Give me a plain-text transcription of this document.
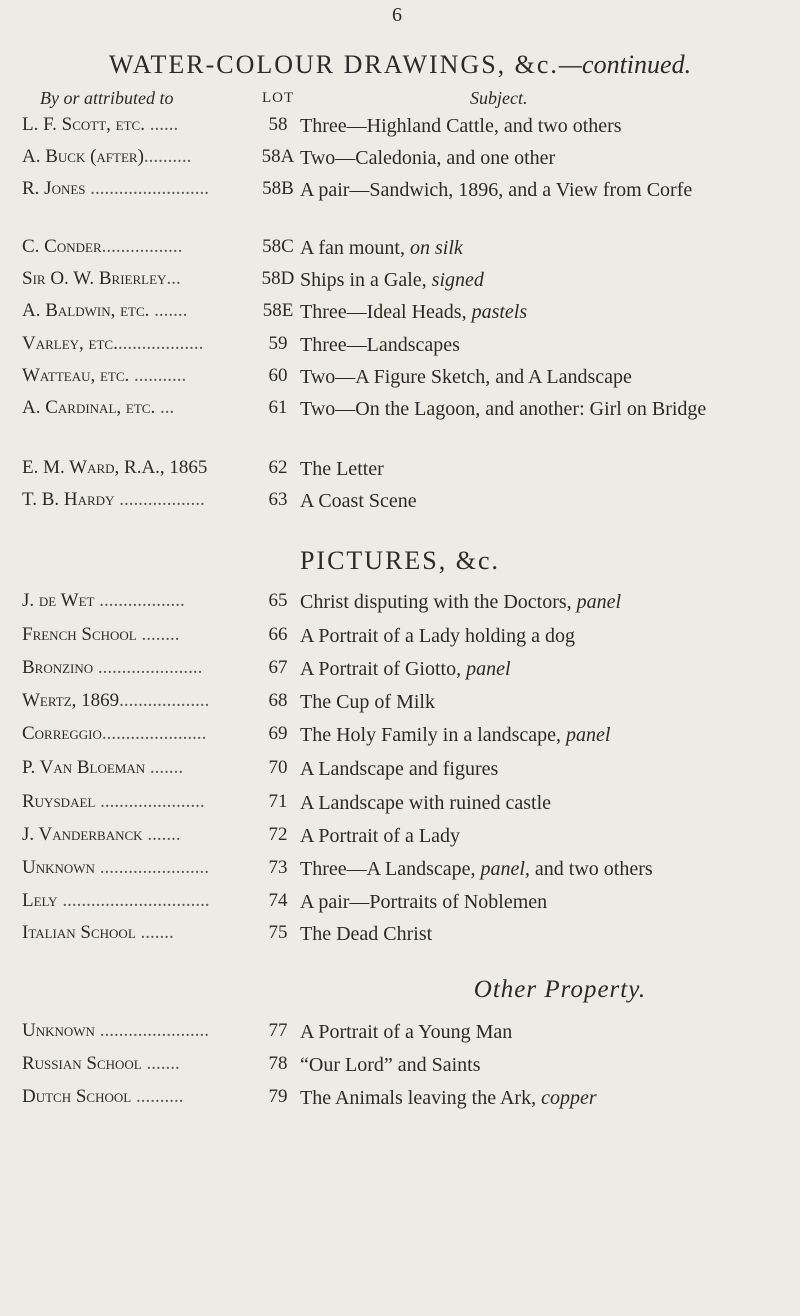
6
WATER-COLOUR DRAWINGS, &c.—continued.
By or attributed to	LOT	Subject.
L. F. Scott, etc. ......	58 Three—Highland Cattle, and two others
A. Buck (after)..........	58A Two—Caledonia, and one other
R. Jones .........................	58B A pair—Sandwich, 1896, and a View from Corfe
C. Conder.................	58C A fan mount, on silk
Sir O. W. Brierley...	58D Ships in a Gale, signed
A. Baldwin, etc. .......	58E Three—Ideal Heads, pastels
Varley, etc...................	59 Three—Landscapes
Watteau, etc. ...........	60 Two—A Figure Sketch, and A Landscape
A. Cardinal, etc. ...	61 Two—On the Lagoon, and another: Girl on Bridge
E. M. Ward, R.A., 1865	62 The Letter
T. B. Hardy ..................	63 A Coast Scene
PICTURES, &c.
J. de Wet ..................	65 Christ disputing with the Doctors, panel
French School ........	66 A Portrait of a Lady holding a dog
Bronzino ......................	67 A Portrait of Giotto, panel
Wertz, 1869...................	68 The Cup of Milk
Correggio......................	69 The Holy Family in a landscape, panel
P. Van Bloeman .......	70 A Landscape and figures
Ruysdael ......................	71 A Landscape with ruined castle
J. Vanderbanck .......	72 A Portrait of a Lady
Unknown .......................	73 Three—A Landscape, panel, and two others
Lely ...............................	74 A pair—Portraits of Noblemen
Italian School .......	75 The Dead Christ
Other Property.
Unknown .......................	77 A Portrait of a Young Man
Russian School .......	78 “Our Lord” and Saints
Dutch School ..........	79 The Animals leaving the Ark, copper
